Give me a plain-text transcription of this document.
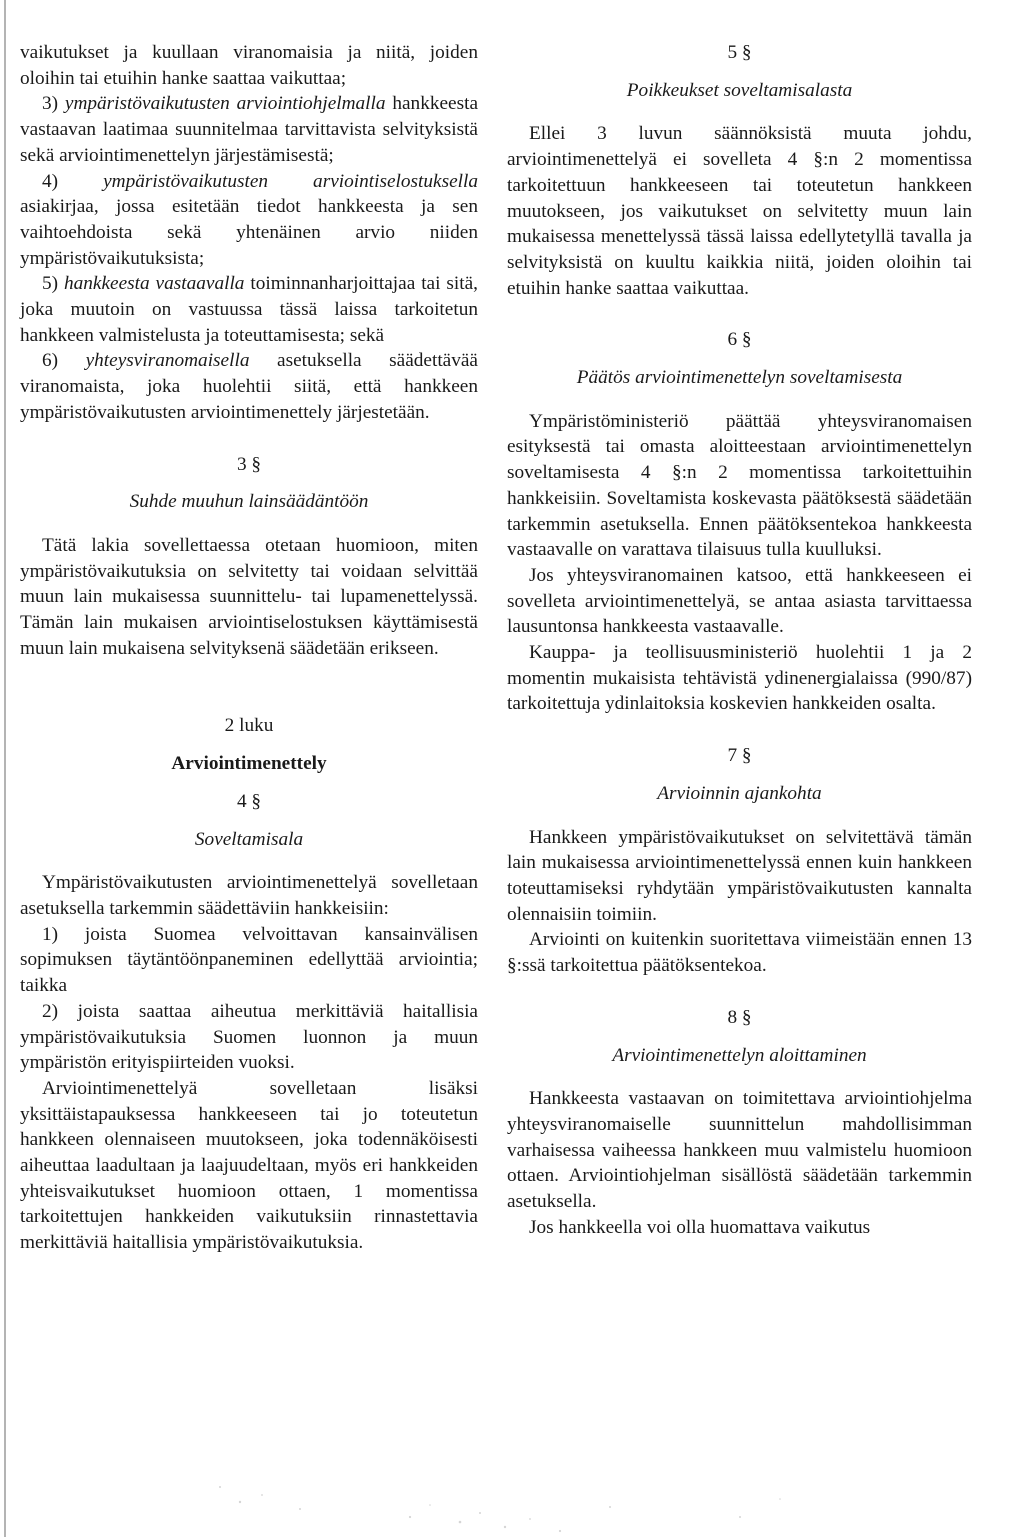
vaikutukset ja kuullaan viranomaisia ja niitä, joiden oloihin tai etuihin hanke saattaa vaikuttaa;

3) ympäristövaikutusten arviointiohjelmalla hankkeesta vastaavan laatimaa suunnitelmaa tarvittavista selvityksistä sekä arviointimenettelyn järjestämisestä;

4) ympäristövaikutusten arviointiselostuksella asiakirjaa, jossa esitetään tiedot hankkeesta ja sen vaihtoehdoista sekä yhtenäinen arvio niiden ympäristövaikutuksista;

5) hankkeesta vastaavalla toiminnanharjoittajaa tai sitä, joka muutoin on vastuussa tässä laissa tarkoitetun hankkeen valmistelusta ja toteuttamisesta; sekä

6) yhteysviranomaisella asetuksella säädettävää viranomaista, joka huolehtii siitä, että hankkeen ympäristövaikutusten arviointimenettely järjestetään.

3 §

Suhde muuhun lainsäädäntöön

Tätä lakia sovellettaessa otetaan huomioon, miten ympäristövaikutuksia on selvitetty tai voidaan selvittää muun lain mukaisessa suunnittelu- tai lupamenettelyssä. Tämän lain mukaisen arviointiselostuksen käyttämisestä muun lain mukaisena selvityksenä säädetään erikseen.

2 luku

Arviointimenettely

4 §

Soveltamisala

Ympäristövaikutusten arviointimenettelyä sovelletaan asetuksella tarkemmin säädettäviin hankkeisiin:

1) joista Suomea velvoittavan kansainvälisen sopimuksen täytäntöönpaneminen edellyttää arviointia; taikka

2) joista saattaa aiheutua merkittäviä haitallisia ympäristövaikutuksia Suomen luonnon ja muun ympäristön erityispiirteiden vuoksi.

Arviointimenettelyä sovelletaan lisäksi yksittäistapauksessa hankkeeseen tai jo toteutetun hankkeen olennaiseen muutokseen, joka todennäköisesti aiheuttaa laadultaan ja laajuudeltaan, myös eri hankkeiden yhteisvaikutukset huomioon ottaen, 1 momentissa tarkoitettujen hankkeiden vaikutuksiin rinnastettavia merkittäviä haitallisia ympäristövaikutuksia.

5 §

Poikkeukset soveltamisalasta

Ellei 3 luvun säännöksistä muuta johdu, arviointimenettelyä ei sovelleta 4 §:n 2 momentissa tarkoitettuun hankkeeseen tai toteutetun hankkeen muutokseen, jos vaikutukset on selvitetty muun lain mukaisessa menettelyssä tässä laissa edellytetyllä tavalla ja selvityksistä on kuultu kaikkia niitä, joiden oloihin tai etuihin hanke saattaa vaikuttaa.

6 §

Päätös arviointimenettelyn soveltamisesta

Ympäristöministeriö päättää yhteysviranomaisen esityksestä tai omasta aloitteestaan arviointimenettelyn soveltamisesta 4 §:n 2 momentissa tarkoitettuihin hankkeisiin. Soveltamista koskevasta päätöksestä säädetään tarkemmin asetuksella. Ennen päätöksentekoa hankkeesta vastaavalle on varattava tilaisuus tulla kuulluksi.

Jos yhteysviranomainen katsoo, että hankkeeseen ei sovelleta arviointimenettelyä, se antaa asiasta tarvittaessa lausuntonsa hankkeesta vastaavalle.

Kauppa- ja teollisuusministeriö huolehtii 1 ja 2 momentin mukaisista tehtävistä ydinenergialaissa (990/87) tarkoitettuja ydinlaitoksia koskevien hankkeiden osalta.

7 §

Arvioinnin ajankohta

Hankkeen ympäristövaikutukset on selvitettävä tämän lain mukaisessa arviointimenettelyssä ennen kuin hankkeen toteuttamiseksi ryhdytään ympäristövaikutusten kannalta olennaisiin toimiin.

Arviointi on kuitenkin suoritettava viimeistään ennen 13 §:ssä tarkoitettua päätöksentekoa.

8 §

Arviointimenettelyn aloittaminen

Hankkeesta vastaavan on toimitettava arviointiohjelma yhteysviranomaiselle suunnittelun mahdollisimman varhaisessa vaiheessa hankkeen muu valmistelu huomioon ottaen. Arviointiohjelman sisällöstä säädetään tarkemmin asetuksella.

Jos hankkeella voi olla huomattava vaikutus
